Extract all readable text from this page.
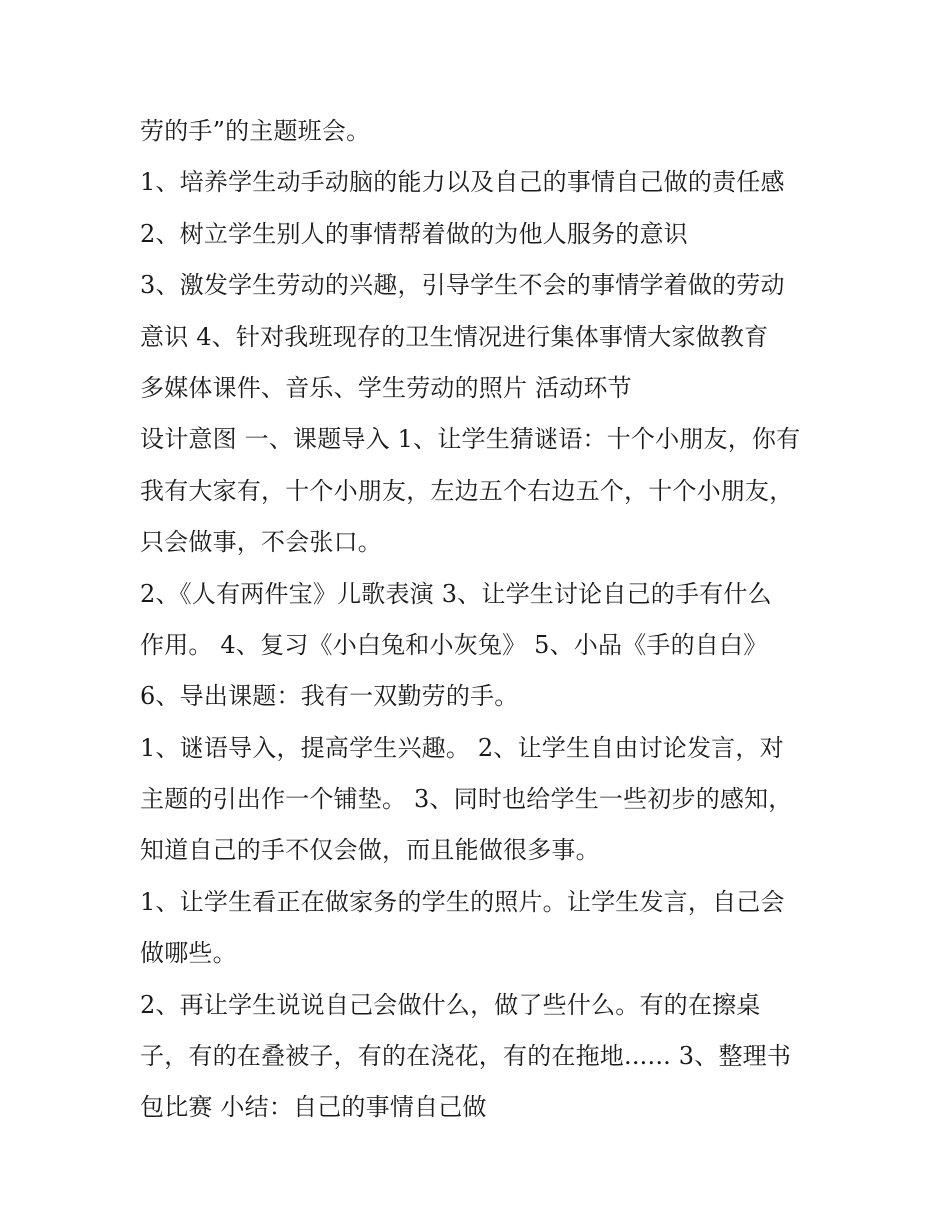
劳的手”的主题班会。
1、培养学生动手动脑的能力以及自己的事情自己做的责任感
2、树立学生别人的事情帮着做的为他人服务的意识
3、激发学生劳动的兴趣，引导学生不会的事情学着做的劳动
意识 4、针对我班现存的卫生情况进行集体事情大家做教育
多媒体课件、音乐、学生劳动的照片 活动环节
设计意图 一、课题导入 1、让学生猜谜语：十个小朋友，你有
我有大家有，十个小朋友，左边五个右边五个，十个小朋友，
只会做事，不会张口。
2、《人有两件宝》儿歌表演 3、让学生讨论自己的手有什么
作用。 4、复习《小白兔和小灰兔》 5、小品《手的自白》
6、导出课题：我有一双勤劳的手。
1、谜语导入，提高学生兴趣。 2、让学生自由讨论发言，对
主题的引出作一个铺垫。 3、同时也给学生一些初步的感知，
知道自己的手不仅会做，而且能做很多事。
1、让学生看正在做家务的学生的照片。让学生发言，自己会
做哪些。
2、再让学生说说自己会做什么，做了些什么。有的在擦桌
子，有的在叠被子，有的在浇花，有的在拖地...... 3、整理书
包比赛 小结：自己的事情自己做
